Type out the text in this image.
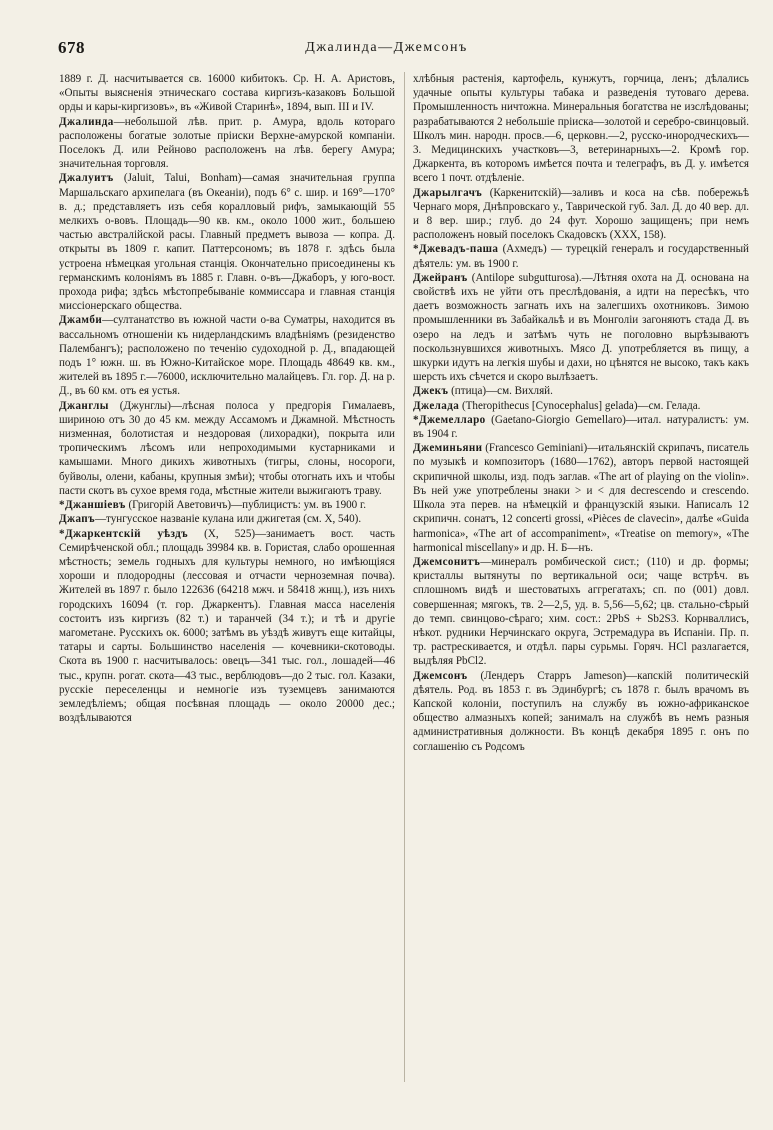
678	Джалинда—Джемсонъ

1889 г. Д. насчитывается св. 16000 кибитокъ. Ср. Н. А. Аристовъ, «Опыты выясненія этническаго состава киргизъ-казаковъ Большой орды и кары-киргизовъ», въ «Живой Старинѣ», 1894, вып. III и IV.

Джалинда—небольшой лѣв. прит. р. Амура, вдоль котораго расположены богатые золотые пріиски Верхне-амурской компаніи. Поселокъ Д. или Рейново расположенъ на лѣв. берегу Амура; значительная торговля.

Джалуитъ (Jaluit, Talui, Bonham)—самая значительная группа Маршальскаго архипелага (въ Океаніи), подъ 6° с. шир. и 169°—170° в. д.; представляетъ изъ себя коралловый рифъ, замыкающій 55 мелкихъ о-вовъ. Площадь—90 кв. км., около 1000 жит., большею частью австралійской расы. Главный предметъ вывоза — копра. Д. открыты въ 1809 г. капит. Паттерсономъ; въ 1878 г. здѣсь была устроена нѣмецкая угольная станція. Окончательно присоединены къ германскимъ колоніямъ въ 1885 г. Главн. о-въ—Джаборъ, у юго-вост. прохода рифа; здѣсь мѣстопребываніе коммиссара и главная станція миссіонерскаго общества.

Джамби—султанатство въ южной части о-ва Суматры, находится въ вассальномъ отношеніи къ нидерландскимъ владѣніямъ (резиденство Палембангъ); расположено по теченію судоходной р. Д., впадающей подъ 1° южн. ш. въ Южно-Китайское море. Площадь 48649 кв. км., жителей въ 1895 г.—76000, исключительно малайцевъ. Гл. гор. Д. на р. Д., въ 60 км. отъ ея устья.

Джанглы (Джунглы)—лѣсная полоса у предгорія Гималаевъ, шириною отъ 30 до 45 км. между Ассамомъ и Джамной. Мѣстность низменная, болотистая и нездоровая (лихорадки), покрыта или тропическимъ лѣсомъ или непроходимыми кустарниками и камышами. Много дикихъ животныхъ (тигры, слоны, носороги, буйволы, олени, кабаны, крупныя змѣи); чтобы отогнать ихъ и чтобы пасти скотъ въ сухое время года, мѣстные жители выжигаютъ траву.

*Джаншіевъ (Григорій Аветовичъ)—публицистъ: ум. въ 1900 г.

Джапъ—тунгусское названіе кулана или джигетая (см. X, 540).

*Джаркентскій уѣздъ (X, 525)—занимаетъ вост. часть Семирѣченской обл.; площадь 39984 кв. в. Гористая, слабо орошенная мѣстность; земель годныхъ для культуры немного, но имѣющіяся хороши и плодородны (лессовая и отчасти черноземная почва). Жителей въ 1897 г. было 122636 (64218 мжч. и 58418 жнщ.), изъ нихъ городскихъ 16094 (т. гор. Джаркентъ). Главная масса населенія состоитъ изъ киргизъ (82 т.) и таранчей (34 т.); и тѣ и другіе магометане. Русскихъ ок. 6000; затѣмъ въ уѣздѣ живутъ еще китайцы, татары и сарты. Большинство населенія — кочевники-скотоводы. Скота въ 1900 г. насчитывалось: овецъ—341 тыс. гол., лошадей—46 тыс., крупн. рогат. скота—43 тыс., верблюдовъ—до 2 тыс. гол. Казаки, русскіе переселенцы и немногіе изъ туземцевъ занимаются земледѣліемъ; общая посѣвная площадь — около 20000 дес.; воздѣлываются

хлѣбныя растенія, картофель, кунжутъ, горчица, ленъ; дѣлались удачные опыты культуры табака и разведенія тутоваго дерева. Промышленность ничтожна. Минеральныя богатства не изслѣдованы; разрабатываются 2 небольшіе пріиска—золотой и серебро-свинцовый. Школъ мин. народн. просв.—6, церковн.—2, русско-инородческихъ—3. Медицинскихъ участковъ—3, ветеринарныхъ—2. Кромѣ гор. Джаркента, въ которомъ имѣется почта и телеграфъ, въ Д. у. имѣется всего 1 почт. отдѣленіе.

Джарылгачъ (Каркенитскій)—заливъ и коса на сѣв. побережьѣ Чернаго моря, Днѣпровскаго у., Таврической губ. Зал. Д. до 40 вер. дл. и 8 вер. шир.; глуб. до 24 фут. Хорошо защищенъ; при немъ расположенъ новый поселокъ Скадовскъ (XXX, 158).

*Джевадъ-паша (Ахмедъ) — турецкій генералъ и государственный дѣятель: ум. въ 1900 г.

Джейранъ (Antilope subgutturosa).—Лѣтняя охота на Д. основана на свойствѣ ихъ не уйти отъ преслѣдованія, а идти на пересѣкъ, что даетъ возможность загнать ихъ на залегшихъ охотниковъ. Зимою промышленники въ Забайкальѣ и въ Монголіи загоняютъ стада Д. въ озеро на ледъ и затѣмъ чуть не поголовно вырѣзываютъ поскользнувшихся животныхъ. Мясо Д. употребляется въ пищу, а шкурки идутъ на легкія шубы и дахи, но цѣнятся не высоко, такъ какъ шерсть ихъ сѣчется и скоро вылѣзаетъ.

Джекъ (птица)—см. Вихляй.

Джелада (Theropithecus [Cynocephalus] gelada)—см. Гелада.

*Джемелларо (Gaetano-Giorgio Gemellaro)—итал. натуралистъ: ум. въ 1904 г.

Джеминьяни (Francesco Geminiani)—итальянскій скрипачъ, писатель по музыкѣ и композиторъ (1680—1762), авторъ первой настоящей скрипичной школы, изд. подъ заглав. «The art of playing on the violin». Въ ней уже употреблены знаки > и < для decrescendo и crescendo. Школа эта перев. на нѣмецкій и французскій языки. Написалъ 12 скрипичн. сонатъ, 12 concerti grossi, «Pièces de clavecin», далѣе «Guida harmonica», «The art of accompaniment», «Treatise on memory», «The harmonical miscellany» и др. Н. Б—нъ.

Джемсонитъ—минералъ ромбической сист.; (110) и др. формы; кристаллы вытянуты по вертикальной оси; чаще встрѣч. въ сплошномъ видѣ и шестоватыхъ аггрегатахъ; сп. по (001) довл. совершенная; мягокъ, тв. 2—2,5, уд. в. 5,56—5,62; цв. стально-сѣрый до темп. свинцово-сѣраго; хим. сост.: 2PbS + Sb2S3. Корнваллисъ, нѣкот. рудники Нерчинскаго округа, Эстремадура въ Испаніи. Пр. п. тр. растрескивается, и отдѣл. пары сурьмы. Горяч. HCl разлагается, выдѣляя PbCl2.

Джемсонъ (Лендеръ Старръ Jameson)—капскій политическій дѣятель. Род. въ 1853 г. въ Эдинбургѣ; съ 1878 г. былъ врачомъ въ Капской колоніи, поступилъ на службу въ южно-африканское общество алмазныхъ копей; занималъ на службѣ въ немъ разныя административныя должности. Въ концѣ декабря 1895 г. онъ по соглашенію съ Родсомъ
